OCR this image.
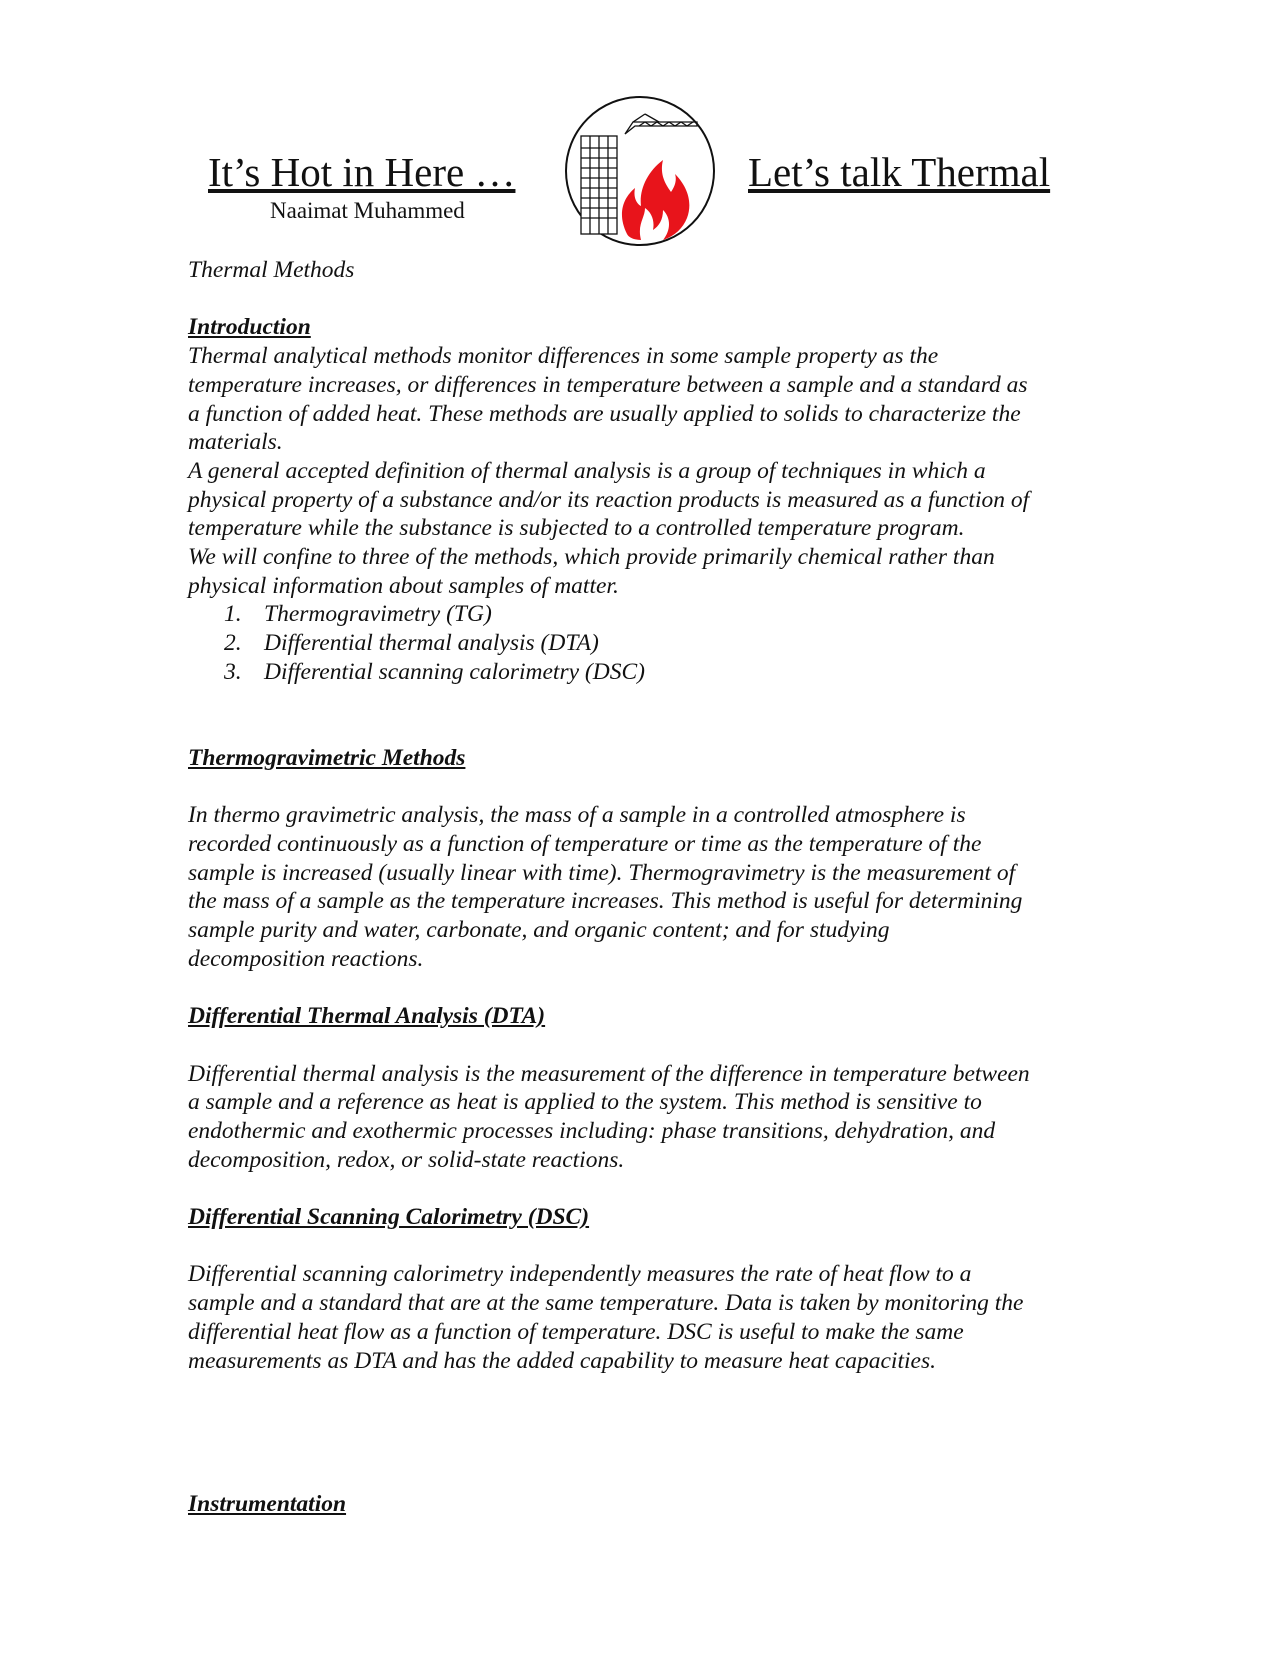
It’s Hot in Here …
Naaimat Muhammed
Let’s talk Thermal

Thermal Methods

Introduction

Thermal analytical methods monitor differences in some sample property as the

temperature increases, or differences in temperature between a sample and a standard as

a function of added heat. These methods are usually applied to solids to characterize the

materials.

A general accepted definition of thermal analysis is a group of techniques in which a

physical property of a substance and/or its reaction products is measured as a function of

temperature while the substance is subjected to a controlled temperature program.

We will confine to three of the methods, which provide primarily chemical rather than

physical information about samples of matter.

1. Thermogravimetry (TG)
2. Differential thermal analysis (DTA)
3. Differential scanning calorimetry (DSC)

Thermogravimetric Methods

In thermo gravimetric analysis, the mass of a sample in a controlled atmosphere is

recorded continuously as a function of temperature or time as the temperature of the

sample is increased (usually linear with time). Thermogravimetry is the measurement of

the mass of a sample as the temperature increases. This method is useful for determining

sample purity and water, carbonate, and organic content; and for studying

decomposition reactions.

Differential Thermal Analysis (DTA)

Differential thermal analysis is the measurement of the difference in temperature between

a sample and a reference as heat is applied to the system. This method is sensitive to

endothermic and exothermic processes including: phase transitions, dehydration, and

decomposition, redox, or solid-state reactions.

Differential Scanning Calorimetry (DSC)

Differential scanning calorimetry independently measures the rate of heat flow to a

sample and a standard that are at the same temperature. Data is taken by monitoring the

differential heat flow as a function of temperature. DSC is useful to make the same

measurements as DTA and has the added capability to measure heat capacities.

Instrumentation
